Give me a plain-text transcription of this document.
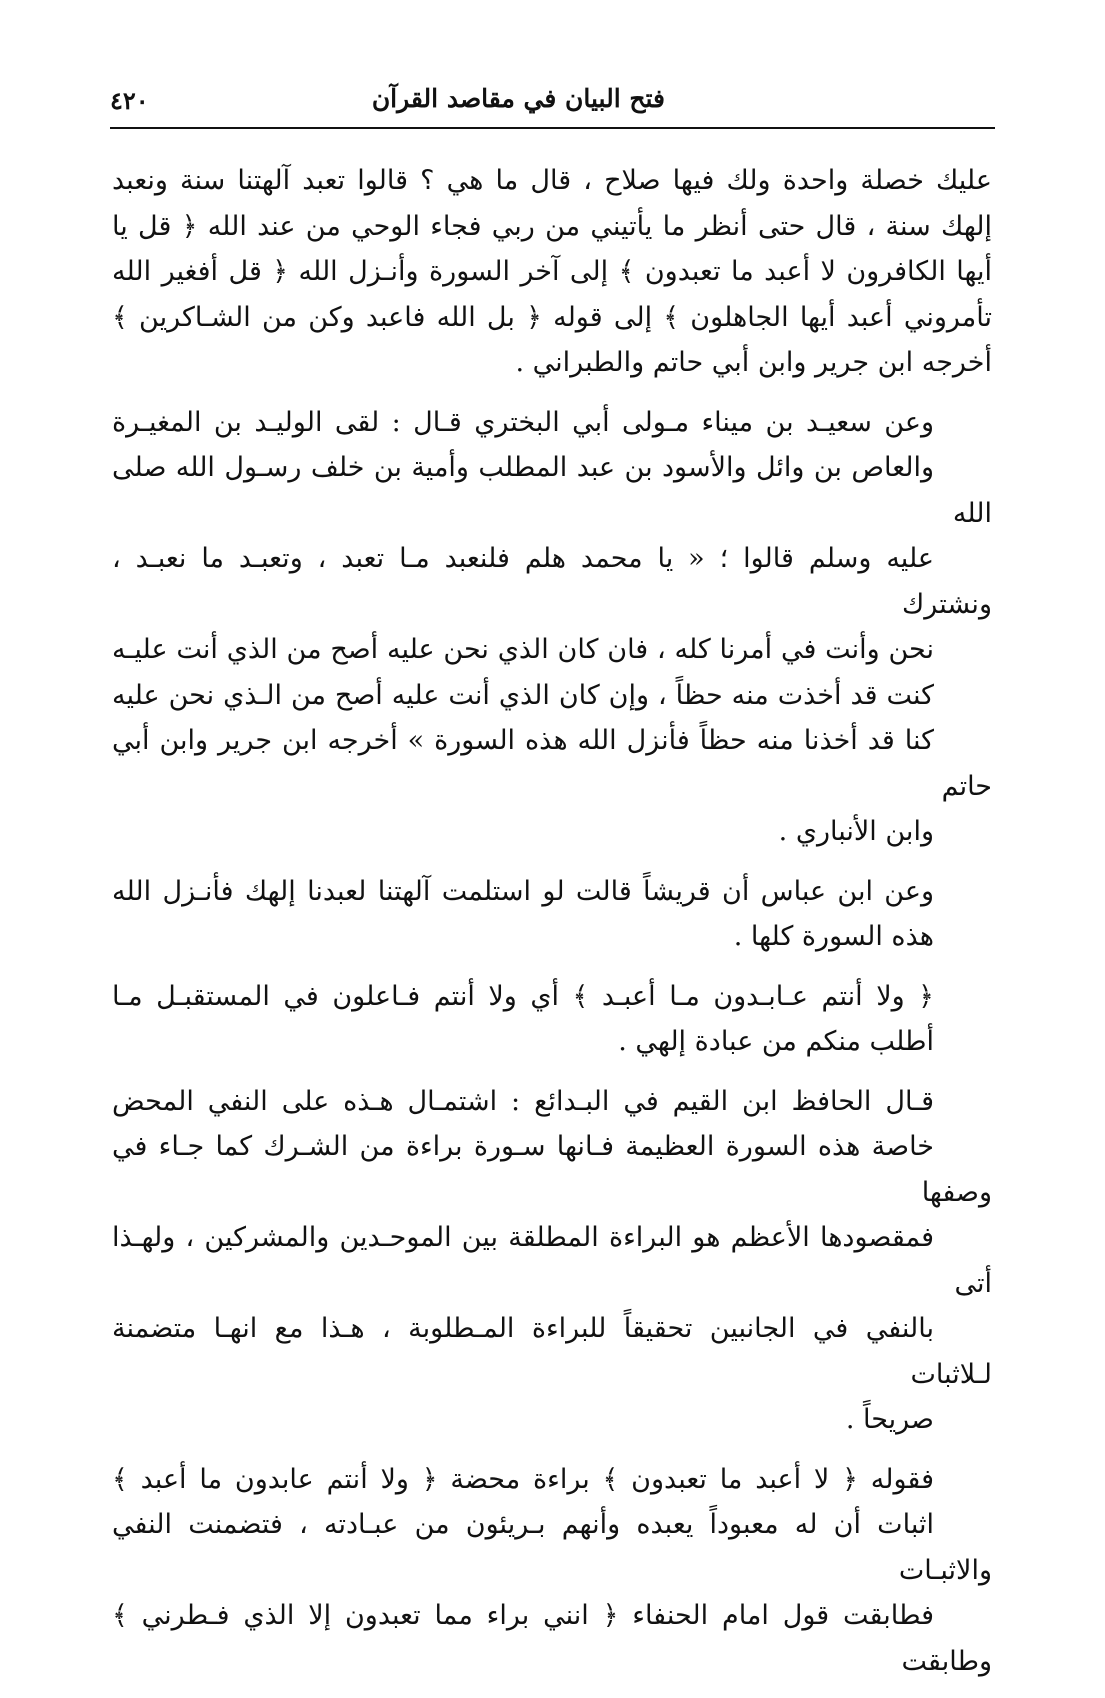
فتح البيان في مقاصد القرآن
٤٢٠

عليك خصلة واحدة ولك فيها صلاح ، قال ما هي ؟ قالوا تعبد آلهتنا سنة ونعبد
إلهك سنة ، قال حتى أنظر ما يأتيني من ربي فجاء الوحي من عند الله ﴿ قل يا
أيها الكافرون لا أعبد ما تعبدون ﴾ إلى آخر السورة وأنـزل الله ﴿ قل أفغير الله
تأمروني أعبد أيها الجاهلون ﴾ إلى قوله ﴿ بل الله فاعبد وكن من الشـاكرين ﴾
أخرجه ابن جرير وابن أبي حاتم والطبراني .

وعن سعيـد بن ميناء مـولى أبي البختري قـال : لقى الوليـد بن المغيـرة
والعاص بن وائل والأسود بن عبد المطلب وأمية بن خلف رسـول الله صلى الله
عليه وسلم قالوا ؛ « يا محمد هلم فلنعبد مـا تعبد ، وتعبـد ما نعبـد ، ونشترك
نحن وأنت في أمرنا كله ، فان كان الذي نحن عليه أصح من الذي أنت عليـه
كنت قد أخذت منه حظاً ، وإن كان الذي أنت عليه أصح من الـذي نحن عليه
كنا قد أخذنا منه حظاً فأنزل الله هذه السورة » أخرجه ابن جرير وابن أبي حاتم
وابن الأنباري .

وعن ابن عباس أن قريشاً قالت لو استلمت آلهتنا لعبدنا إلهك فأنـزل الله
هذه السورة كلها .

﴿ ولا أنتم عـابـدون مـا أعبـد ﴾ أي ولا أنتم فـاعلون في المستقبـل مـا
أطلب منكم من عبادة إلهي .

قـال الحافظ ابن القيم في البـدائع : اشتمـال هـذه على النفي المحض
خاصة هذه السورة العظيمة فـانها سـورة براءة من الشـرك كما جـاء في وصفها
فمقصودها الأعظم هو البراءة المطلقة بين الموحـدين والمشركين ، ولهـذا أتى
بالنفي في الجانبين تحقيقاً للبراءة المـطلوبة ، هـذا مع انهـا متضمنة لـلاثبات
صريحاً .

فقوله ﴿ لا أعبد ما تعبدون ﴾ براءة محضة ﴿ ولا أنتم عابدون ما أعبد ﴾
اثبات أن له معبوداً يعبده وأنهم بـريئون من عبـادته ، فتضمنت النفي والاثبـات
فطابقت قول امام الحنفاء ﴿ انني براء مما تعبدون إلا الذي فـطرني ﴾ وطابقت
